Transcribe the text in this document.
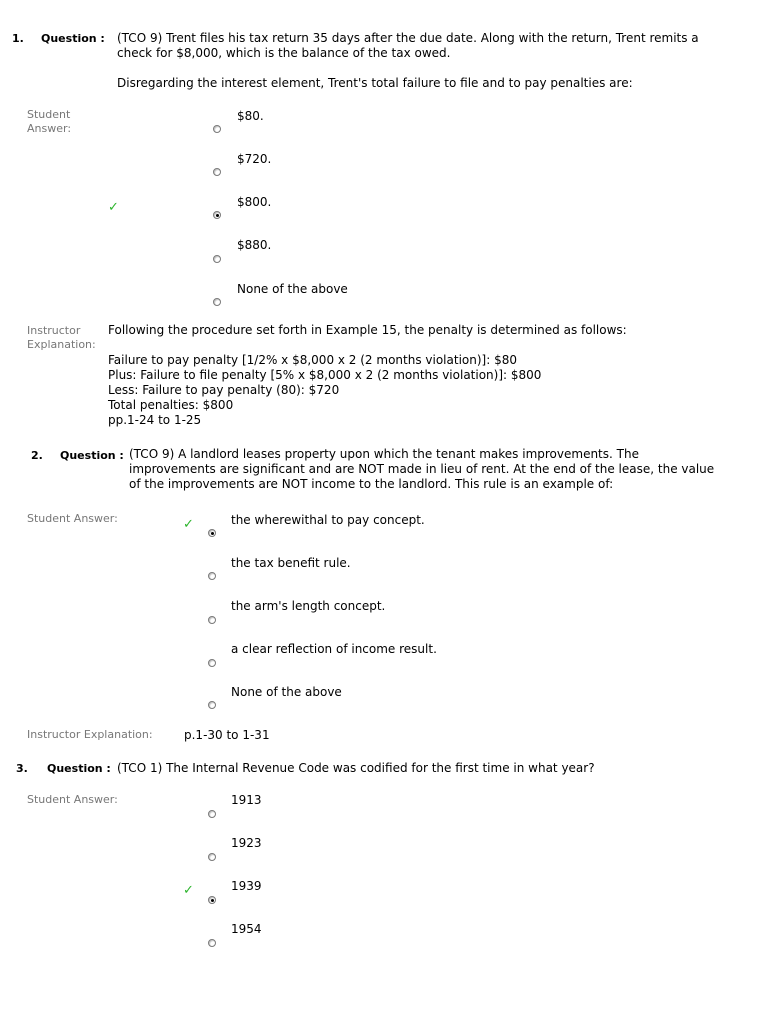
1. Question : (TCO 9) Trent files his tax return 35 days after the due date. Along with the return, Trent remits a check for $8,000, which is the balance of the tax owed.
Disregarding the interest element, Trent's total failure to file and to pay penalties are:
Student Answer:
✓
$80.
$720.
$800.
$880.
None of the above
Instructor Explanation:
Following the procedure set forth in Example 15, the penalty is determined as follows:
Failure to pay penalty [1/2% x $8,000 x 2 (2 months violation)]: $80
Plus: Failure to file penalty [5% x $8,000 x 2 (2 months violation)]: $800
Less: Failure to pay penalty (80): $720
Total penalties: $800
pp.1-24 to 1-25
2. Question : (TCO 9) A landlord leases property upon which the tenant makes improvements. The improvements are significant and are NOT made in lieu of rent. At the end of the lease, the value of the improvements are NOT income to the landlord. This rule is an example of:
Student Answer:	✓	the wherewithal to pay concept.
the tax benefit rule.
the arm's length concept.
a clear reflection of income result.
None of the above
Instructor Explanation:	p.1-30 to 1-31
3. Question : (TCO 1) The Internal Revenue Code was codified for the first time in what year?
Student Answer:
✓
1913
1923
1939
1954
